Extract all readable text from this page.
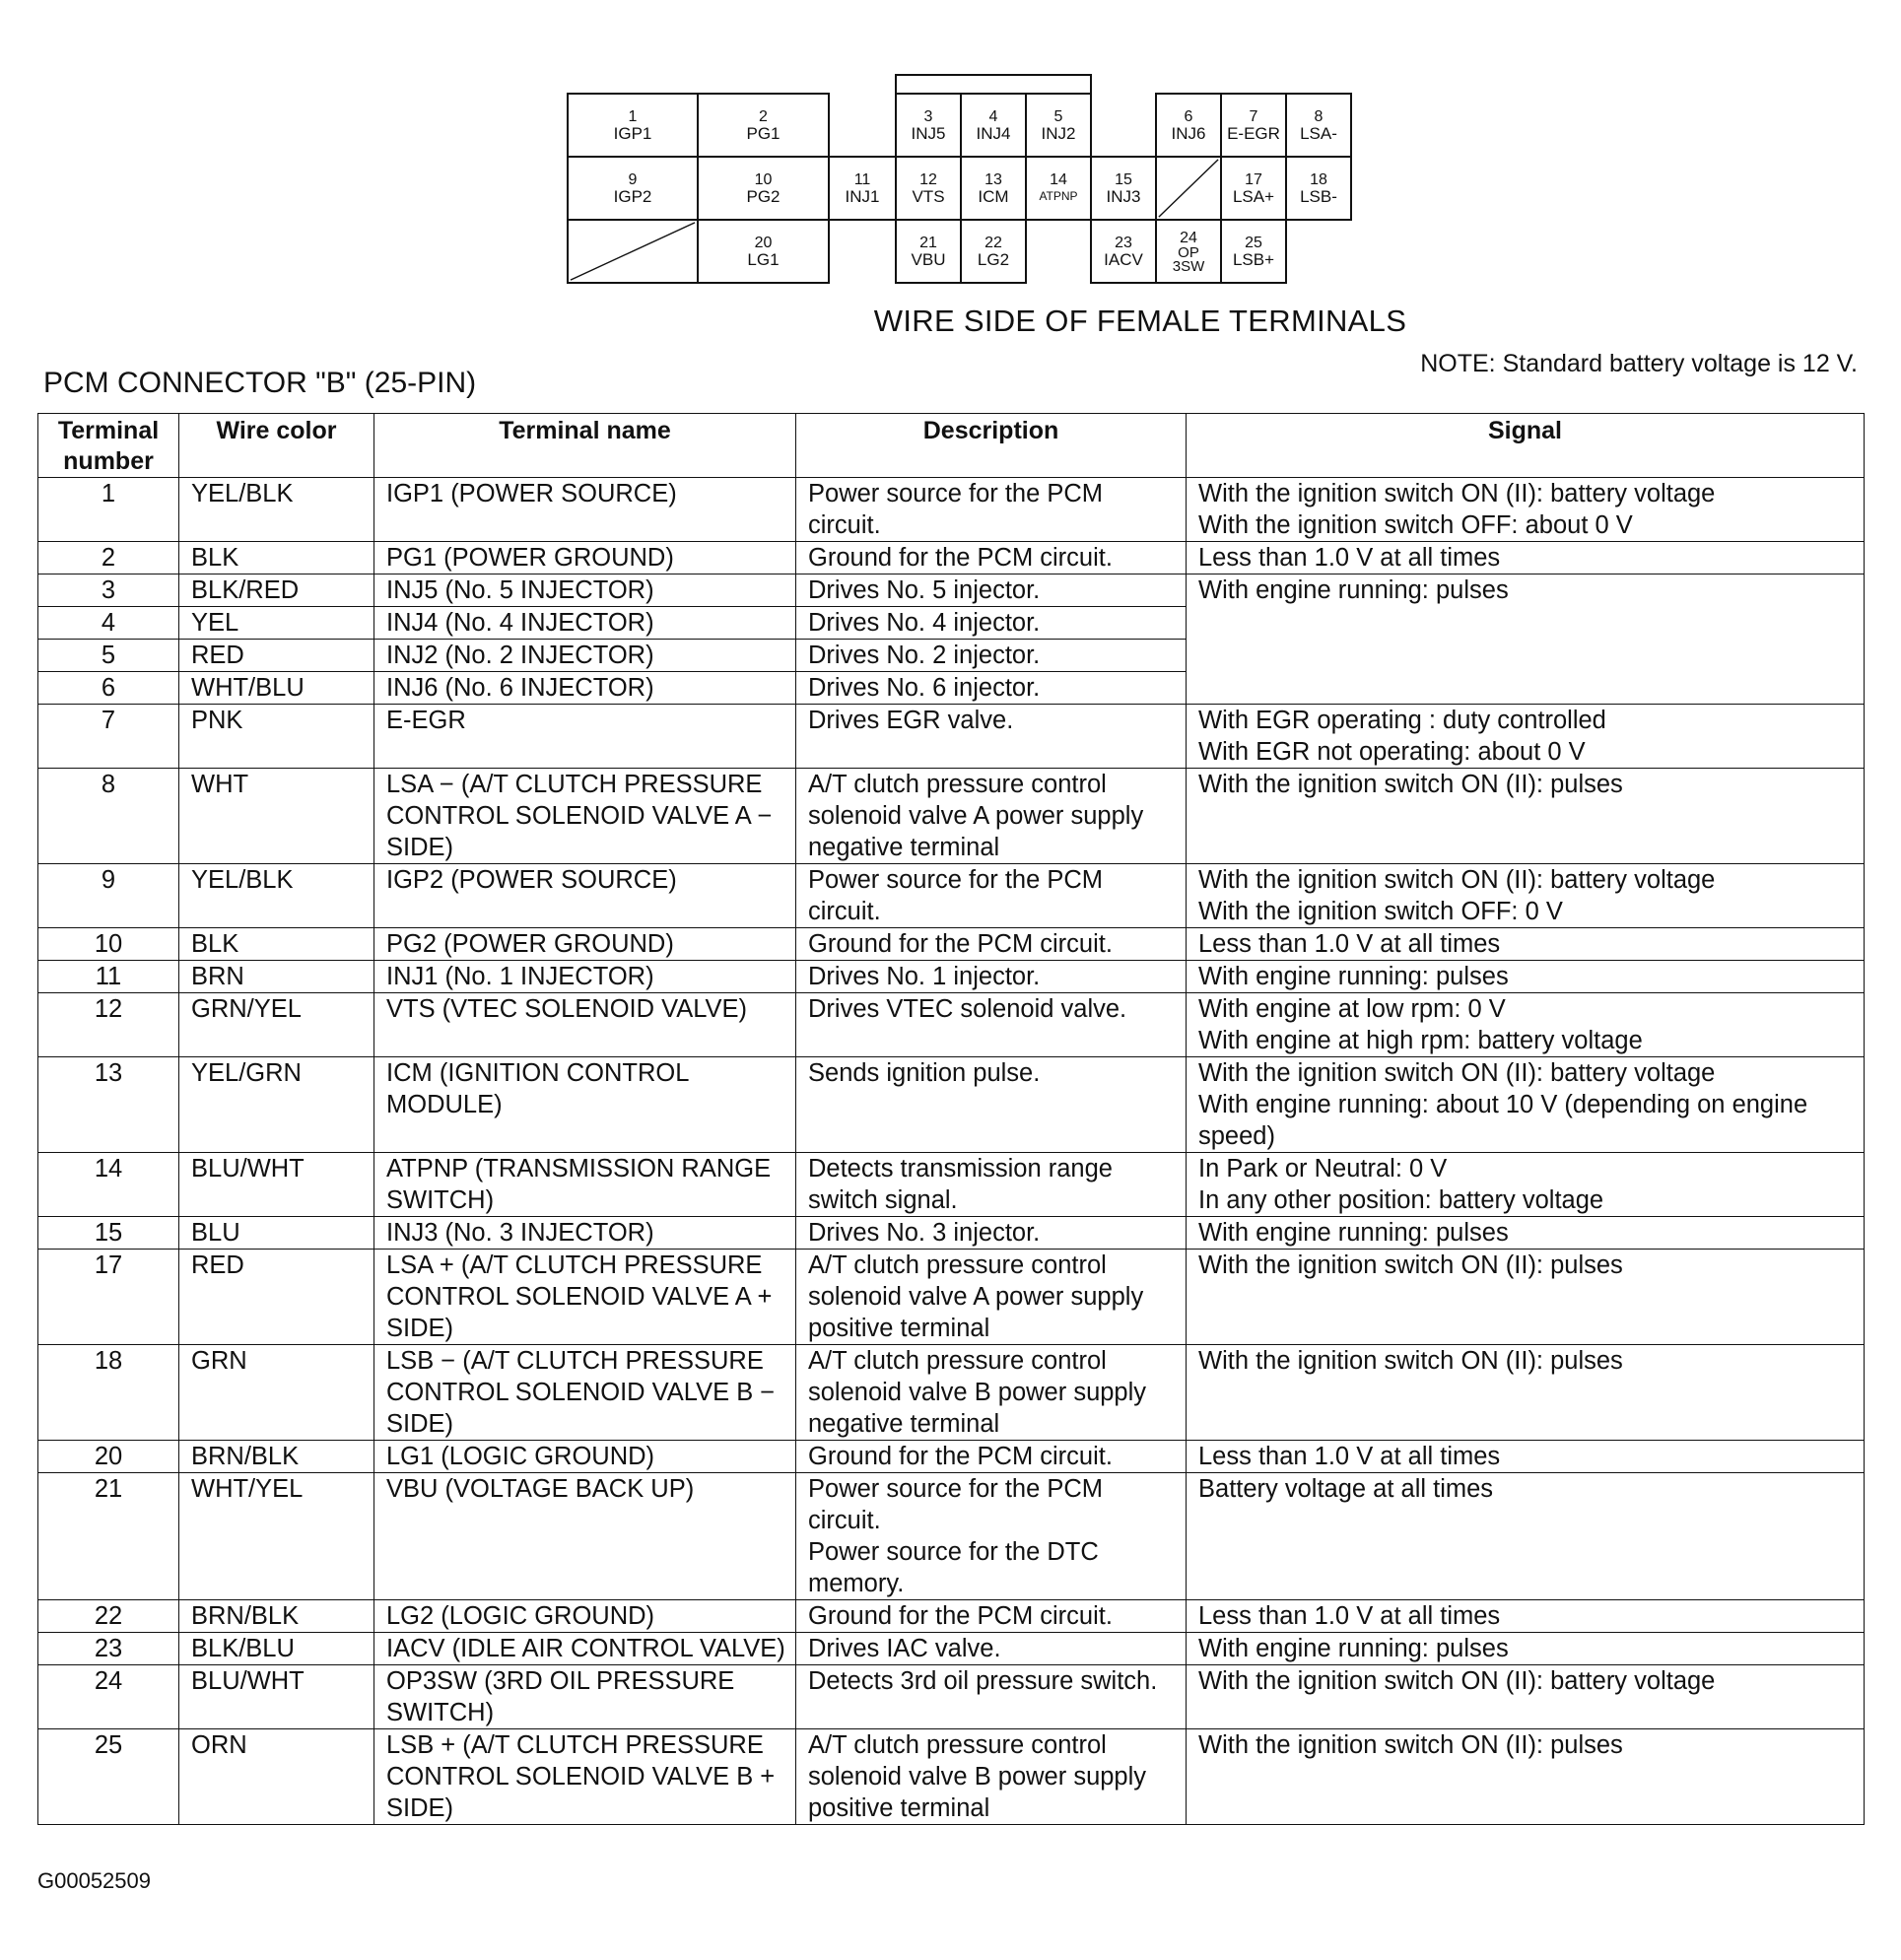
1
IGP1
2
PG1
3
INJ5
4
INJ4
5
INJ2
6
INJ6
7
E-EGR
8
LSA-
9
IGP2
10
PG2
11
INJ1
12
VTS
13
ICM
14
ATPNP
15
INJ3
17
LSA+
18
LSB-
20
LG1
21
VBU
22
LG2
23
IACV
24
OP 3SW
25
LSB+
WIRE SIDE OF FEMALE TERMINALS
PCM CONNECTOR "B" (25-PIN)
NOTE: Standard battery voltage is 12 V.
Terminal number	Wire color	Terminal name	Description	Signal
1	YEL/BLK	IGP1 (POWER SOURCE)	Power source for the PCM circuit.	With the ignition switch ON (II): battery voltage
With the ignition switch OFF: about 0 V
2	BLK	PG1 (POWER GROUND)	Ground for the PCM circuit.	Less than 1.0 V at all times
3	BLK/RED	INJ5 (No. 5 INJECTOR)	Drives No. 5 injector.	With engine running: pulses
4	YEL	INJ4 (No. 4 INJECTOR)	Drives No. 4 injector.	
5	RED	INJ2 (No. 2 INJECTOR)	Drives No. 2 injector.	
6	WHT/BLU	INJ6 (No. 6 INJECTOR)	Drives No. 6 injector.	
7	PNK	E-EGR	Drives EGR valve.	With EGR operating : duty controlled
With EGR not operating: about 0 V
8	WHT	LSA − (A/T CLUTCH PRESSURE CONTROL SOLENOID VALVE A − SIDE)	A/T clutch pressure control solenoid valve A power supply negative terminal	With the ignition switch ON (II): pulses
9	YEL/BLK	IGP2 (POWER SOURCE)	Power source for the PCM circuit.	With the ignition switch ON (II): battery voltage
With the ignition switch OFF: 0 V
10	BLK	PG2 (POWER GROUND)	Ground for the PCM circuit.	Less than 1.0 V at all times
11	BRN	INJ1 (No. 1 INJECTOR)	Drives No. 1 injector.	With engine running: pulses
12	GRN/YEL	VTS (VTEC SOLENOID VALVE)	Drives VTEC solenoid valve.	With engine at low rpm: 0 V
With engine at high rpm: battery voltage
13	YEL/GRN	ICM (IGNITION CONTROL MODULE)	Sends ignition pulse.	With the ignition switch ON (II): battery voltage
With engine running: about 10 V (depending on engine speed)
14	BLU/WHT	ATPNP (TRANSMISSION RANGE SWITCH)	Detects transmission range switch signal.	In Park or Neutral: 0 V
In any other position: battery voltage
15	BLU	INJ3 (No. 3 INJECTOR)	Drives No. 3 injector.	With engine running: pulses
17	RED	LSA + (A/T CLUTCH PRESSURE CONTROL SOLENOID VALVE A + SIDE)	A/T clutch pressure control solenoid valve A power supply positive terminal	With the ignition switch ON (II): pulses
18	GRN	LSB − (A/T CLUTCH PRESSURE CONTROL SOLENOID VALVE B − SIDE)	A/T clutch pressure control solenoid valve B power supply negative terminal	With the ignition switch ON (II): pulses
20	BRN/BLK	LG1 (LOGIC GROUND)	Ground for the PCM circuit.	Less than 1.0 V at all times
21	WHT/YEL	VBU (VOLTAGE BACK UP)	Power source for the PCM circuit.
Power source for the DTC memory.	Battery voltage at all times
22	BRN/BLK	LG2 (LOGIC GROUND)	Ground for the PCM circuit.	Less than 1.0 V at all times
23	BLK/BLU	IACV (IDLE AIR CONTROL VALVE)	Drives IAC valve.	With engine running: pulses
24	BLU/WHT	OP3SW (3RD OIL PRESSURE SWITCH)	Detects 3rd oil pressure switch.	With the ignition switch ON (II): battery voltage
25	ORN	LSB + (A/T CLUTCH PRESSURE CONTROL SOLENOID VALVE B + SIDE)	A/T clutch pressure control solenoid valve B power supply positive terminal	With the ignition switch ON (II): pulses
G00052509
